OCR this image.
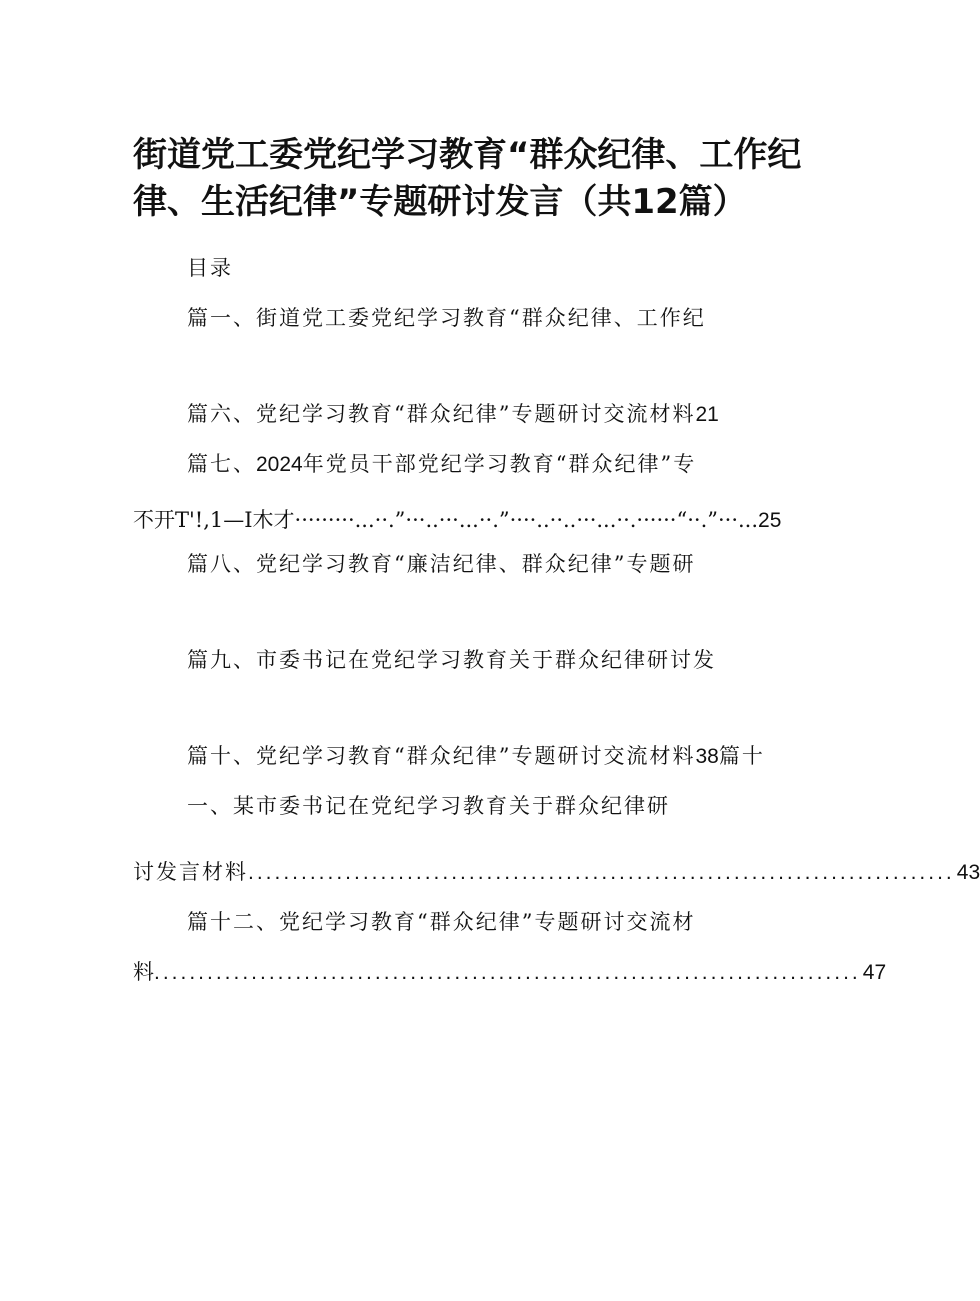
街道党工委党纪学习教育“群众纪律、工作纪
律、生活纪律”专题研讨发言（共12篇）
目录
篇一、街道党工委党纪学习教育“群众纪律、工作纪
篇六、党纪学习教育“群众纪律”专题研讨交流材料21
篇七、2024年党员干部党纪学习教育“群众纪律”专
不开T'!,1—I木才·········...··.”···..···...··.”····..··..···...··.······“··.”···...25
篇八、党纪学习教育“廉洁纪律、群众纪律”专题研
篇九、市委书记在党纪学习教育关于群众纪律研讨发
篇十、党纪学习教育“群众纪律”专题研讨交流材料38篇十
一、某市委书记在党纪学习教育关于群众纪律研
讨发言材料 ................................................................................ 43
篇十二、党纪学习教育“群众纪律”专题研讨交流材
料 ................................................................................ 47
